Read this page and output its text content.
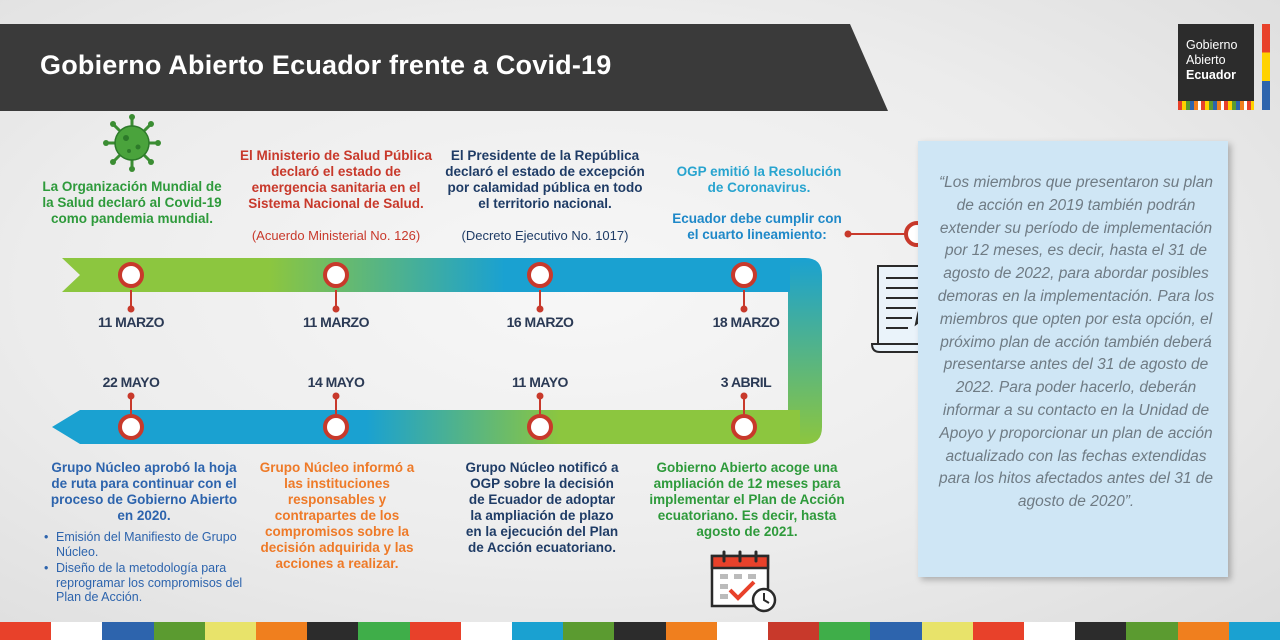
Gobierno Abierto Ecuador frente a Covid-19
Gobierno
Abierto
Ecuador
La Organización Mundial de la Salud declaró al Covid-19 como pandemia mundial.
El Ministerio de Salud Pública declaró el estado de emergencia sanitaria en el Sistema Nacional de Salud.
(Acuerdo Ministerial No. 126)
El Presidente de la República declaró el estado de excepción por calamidad pública en todo el territorio nacional.
(Decreto Ejecutivo No. 1017)
OGP emitió la Resolución de Coronavirus.
Ecuador debe cumplir con el cuarto lineamiento:
11 MARZO	11 MARZO	16 MARZO	18 MARZO
22 MAYO	14 MAYO	11 MAYO	3 ABRIL
Grupo Núcleo aprobó la hoja de ruta para continuar con el proceso de Gobierno Abierto en 2020.
• Emisión del Manifiesto de Grupo Núcleo.
• Diseño de la metodología para reprogramar los compromisos del Plan de Acción.
Grupo Núcleo informó a las instituciones responsables y contrapartes de los compromisos sobre la decisión adquirida y las acciones a realizar.
Grupo Núcleo notificó a OGP sobre la decisión de Ecuador de adoptar la ampliación de plazo en la ejecución del Plan de Acción ecuatoriano.
Gobierno Abierto acoge una ampliación de 12 meses para implementar el Plan de Acción ecuatoriano. Es decir, hasta agosto de 2021.
“Los miembros que presentaron su plan de acción en 2019 también podrán extender su período de implementación por 12 meses, es decir, hasta el 31 de agosto de 2022, para abordar posibles demoras en la implementación. Para los miembros que opten por esta opción, el próximo plan de acción también deberá presentarse antes del 31 de agosto de 2022. Para poder hacerlo, deberán informar a su contacto en la Unidad de Apoyo y proporcionar un plan de acción actualizado con las fechas extendidas para los hitos afectados antes del 31 de agosto de 2020”.
